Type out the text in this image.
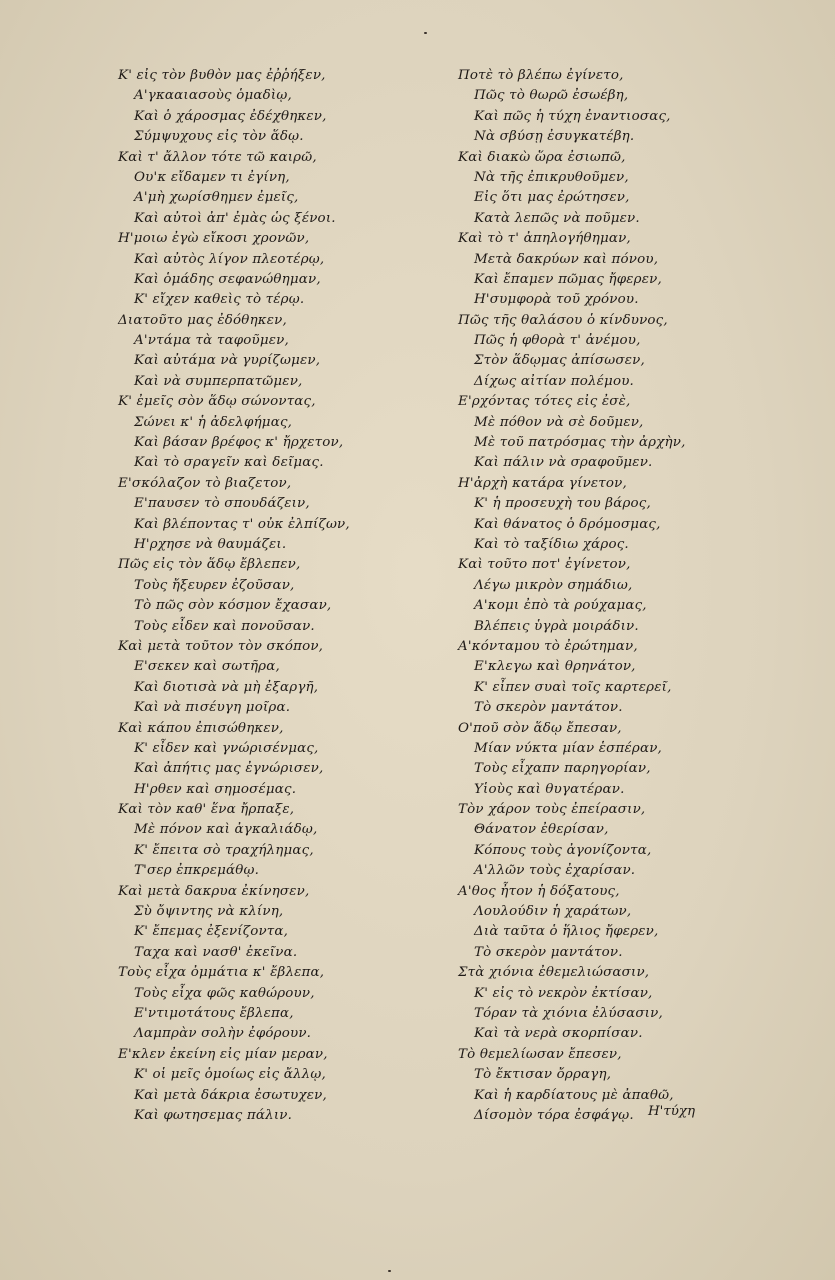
Κ' εἰς τὸν βυθὸν μας ἐῤῥήξεν,
Α'γκααιασοὺς ὁμαδὶῳ,
Καὶ ὁ χάροσμας ἐδέχθηκεν,
Σύμψυχους εἰς τὸν ἅδῳ.
Καὶ τ' ἄλλον τότε τῶ καιρῶ,
Ου'κ εἴδαμεν τι ἐγίνη,
Α'μὴ χωρίσθημεν ἐμεῖς,
Καὶ αὐτοὶ ἀπ' ἐμὰς ὡς ξένοι.
Η'μοιω ἐγὼ εἴκοσι χρονῶν,
Καὶ αὐτὸς λίγον πλεοτέρῳ,
Καὶ ὁμάδης σεφανώθημαν,
Κ' εἴχεν καθεὶς τὸ τέρῳ.
Διατοῦτο μας ἐδόθηκεν,
Α'ντάμα τὰ ταφοῦμεν,
Καὶ αὐτάμα νὰ γυρίζωμεν,
Καὶ νὰ συμπερπατῶμεν,
Κ' ἐμεῖς σὸν ἅδῳ σώνοντας,
Σώνει κ' ἡ ἀδελφήμας,
Καὶ βάσαν βρέφος κ' ἤρχετον,
Καὶ τὸ σραγεῖν καὶ δεῖμας.
Ε'σκόλαζον τὸ βιαζετον,
Ε'παυσεν τὸ σπουδάζειν,
Καὶ βλέποντας τ' οὐκ ἐλπίζων,
Η'ρχησε νὰ θαυμάζει.
Πῶς εἰς τὸν ἅδῳ ἔβλεπεν,
Τοὺς ἤξευρεν ἐζοῦσαν,
Τὸ πῶς σὸν κόσμον ἔχασαν,
Τοὺς εἶδεν καὶ πονοῦσαν.
Καὶ μετὰ τοῦτον τὸν σκόπον,
Ε'σεκεν καὶ σωτῆρα,
Καὶ διοτισὰ νὰ μὴ ἐξαργῆ,
Καὶ νὰ πισέυγη μοῖρα.
Καὶ κάπου ἐπισώθηκεν,
Κ' εἶδεν καὶ γνώρισένμας,
Καὶ ἀπήτις μας ἐγνώρισεν,
Η'ρθεν καὶ σημοσέμας.
Καὶ τὸν καθ' ἕνα ἤρπαξε,
Μὲ πόνον καὶ ἀγκαλιάδῳ,
Κ' ἔπειτα σὸ τραχήλημας,
Τ'σερ ἐπκρεμάθῳ.
Καὶ μετὰ δακρυα ἐκίνησεν,
Σὺ ὄψιντης νὰ κλίνη,
Κ' ἔπεμας ἐξενίζοντα,
Ταχα καὶ νασθ' ἐκεῖνα.
Τοὺς εἶχα ὀμμάτια κ' ἔβλεπα,
Τοὺς εἶχα φῶς καθώρουν,
Ε'ντιμοτάτους ἔβλεπα,
Λαμπρὰν σολὴν ἐφόρουν.
Ε'κλεν ἐκείνη εἰς μίαν μεραν,
Κ' οἱ μεῖς ὁμοίως εἰς ἄλλῳ,
Καὶ μετὰ δάκρια ἐσωτυχεν,
Καὶ φωτησεμας πάλιν.
Ποτὲ τὸ βλέπω ἐγίνετο,
Πῶς τὸ θωρῶ ἐσωέβη,
Καὶ πῶς ἡ τύχη ἐναντιοσας,
Νὰ σβύσῃ ἐσυγκατέβη.
Καὶ διακὼ ὥρα ἐσιωπῶ,
Νὰ τῆς ἐπικρυθοῦμεν,
Εἰς ὅτι μας ἐρώτησεν,
Κατὰ λεπῶς νὰ ποῦμεν.
Καὶ τὸ τ' ἀπηλογήθημαν,
Μετὰ δακρύων καὶ πόνου,
Καὶ ἔπαμεν πῶμας ἤφερεν,
Η'συμφορὰ τοῦ χρόνου.
Πῶς τῆς θαλάσου ὁ κίνδυνος,
Πῶς ἡ φθορὰ τ' ἀνέμου,
Στὸν ἅδῳμας ἀπίσωσεν,
Δίχως αἰτίαν πολέμου.
Ε'ρχόντας τότες εἰς ἐσὲ,
Μὲ πόθον νὰ σὲ δοῦμεν,
Μὲ τοῦ πατρόσμας τὴν ἀρχὴν,
Καὶ πάλιν νὰ σραφοῦμεν.
Η'ἀρχὴ κατάρα γίνετον,
Κ' ἡ προσευχὴ του βάρος,
Καὶ θάνατος ὁ δρόμοσμας,
Καὶ τὸ ταξίδιω χάρος.
Καὶ τοῦτο ποτ' ἐγίνετον,
Λέγω μικρὸν σημάδιω,
Α'κομι ἐπὸ τὰ ρούχαμας,
Βλέπεις ὑγρὰ μοιράδιν.
Α'κόνταμου τὸ ἐρώτημαν,
Ε'κλεγω καὶ θρηνάτον,
Κ' εἶπεν συαὶ τοῖς καρτερεῖ,
Τὸ σκερὸν μαντάτον.
Ο'ποῦ σὸν ἅδῳ ἔπεσαν,
Μίαν νύκτα μίαν ἑσπέραν,
Τοὺς εἶχαπν παρηγορίαν,
Υἱοὺς καὶ θυγατέραν.
Τὸν χάρον τοὺς ἐπείρασιν,
Θάνατον ἐθερίσαν,
Κόπους τοὺς ἀγονίζοντα,
Α'λλῶν τοὺς ἐχαρίσαν.
Α'θος ἦτον ἡ δόξατους,
Λουλούδιν ἡ χαράτων,
Διὰ ταῦτα ὁ ἥλιος ἤφερεν,
Τὸ σκερὸν μαντάτον.
Στὰ χιόνια ἐθεμελιώσασιν,
Κ' εἰς τὸ νεκρὸν ἐκτίσαν,
Τόραν τὰ χιόνια ἐλύσασιν,
Καὶ τὰ νερὰ σκορπίσαν.
Τὸ θεμελίωσαν ἔπεσεν,
Τὸ ἔκτισαν ὄρραγη,
Καὶ ἡ καρδίατους μὲ ἀπαθῶ,
Δίσομὸν τόρα ἐσφάγῳ.	Η'τύχη
